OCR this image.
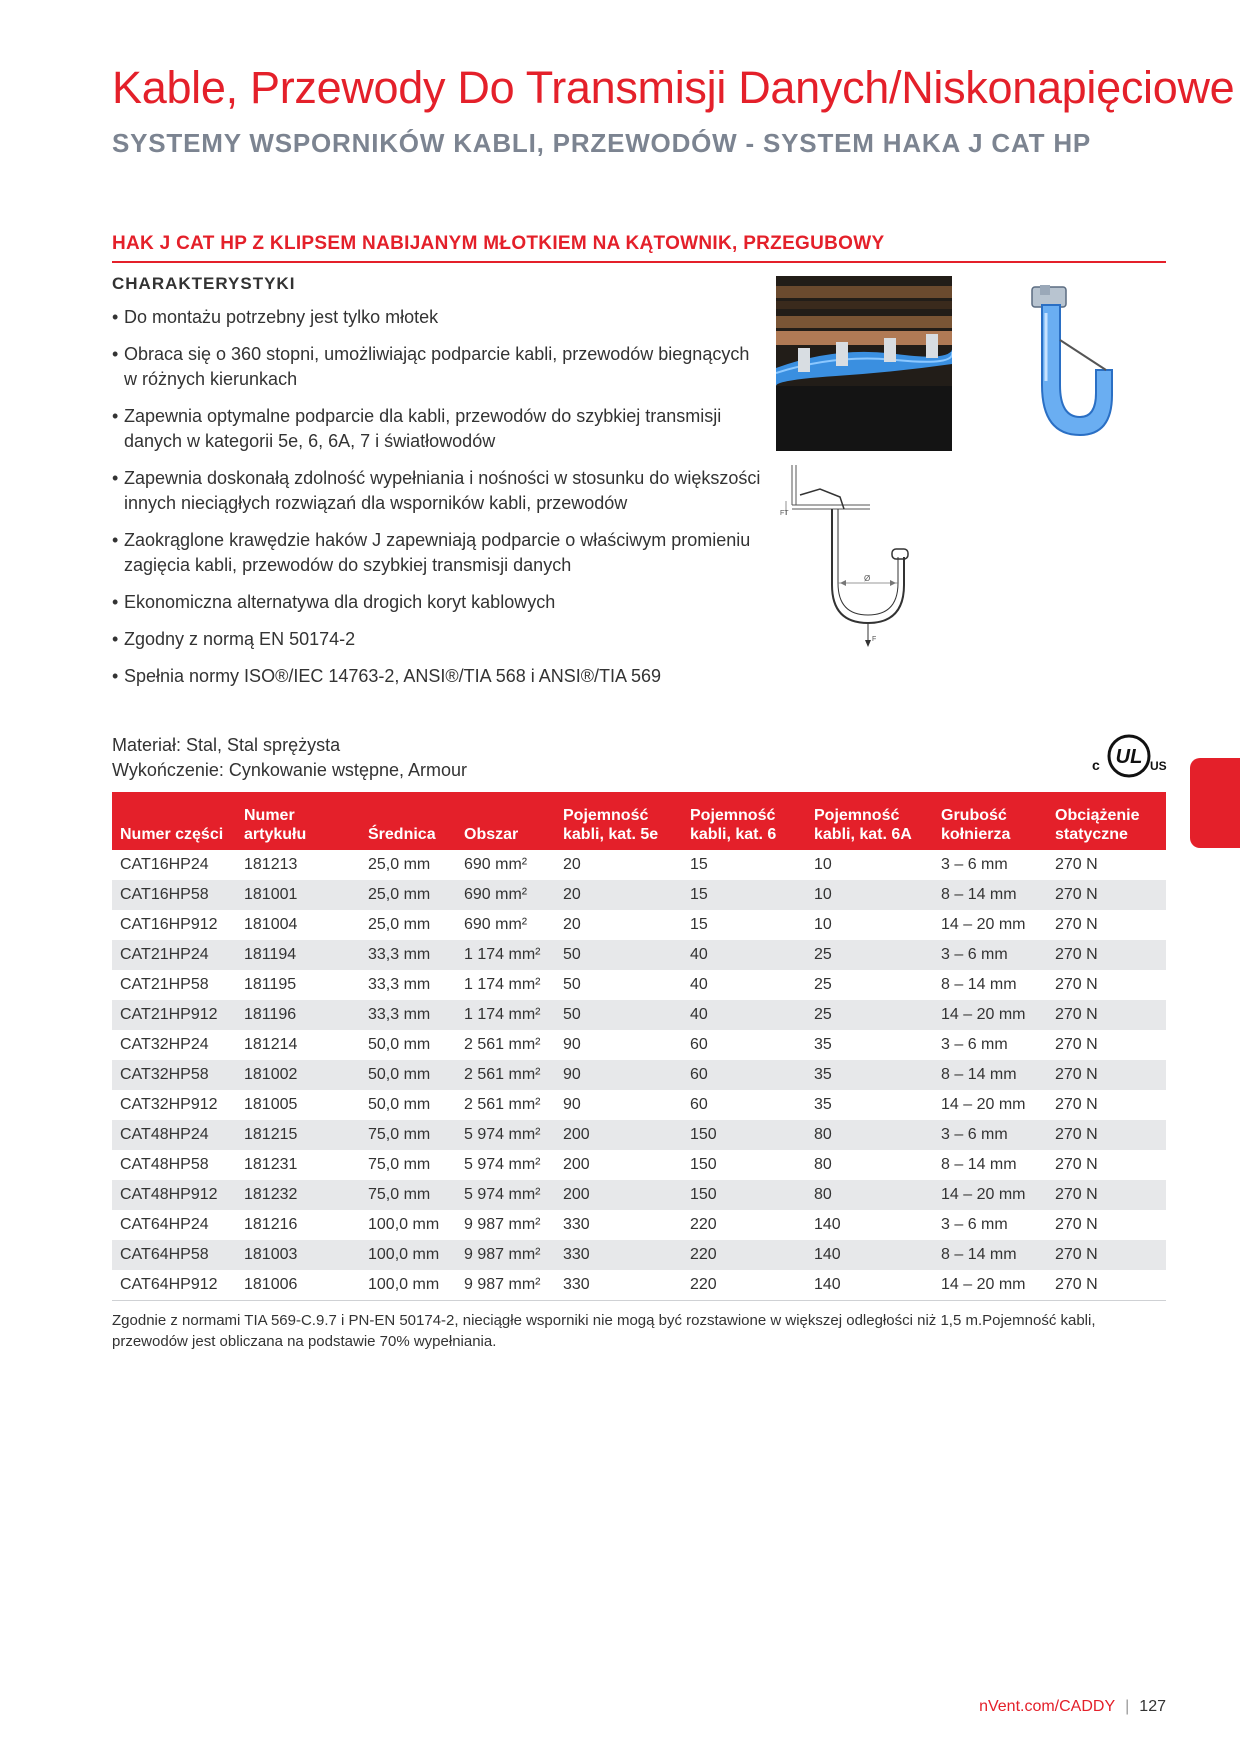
Kable, Przewody Do Transmisji Danych/Niskonapięciowe
SYSTEMY WSPORNIKÓW KABLI, PRZEWODÓW - SYSTEM HAKA J CAT HP
HAK J CAT HP Z KLIPSEM NABIJANYM MŁOTKIEM NA KĄTOWNIK, PRZEGUBOWY
CHARAKTERYSTYKI
• Do montażu potrzebny jest tylko młotek
• Obraca się o 360 stopni, umożliwiając podparcie kabli, przewodów biegnących w różnych kierunkach
• Zapewnia optymalne podparcie dla kabli, przewodów do szybkiej transmisji danych w kategorii 5e, 6, 6A, 7 i światłowodów
• Zapewnia doskonałą zdolność wypełniania i nośności w stosunku do większości innych nieciągłych rozwiązań dla wsporników kabli, przewodów
• Zaokrąglone krawędzie haków J zapewniają podparcie o właściwym promieniu zagięcia kabli, przewodów do szybkiej transmisji danych
• Ekonomiczna alternatywa dla drogich koryt kablowych
• Zgodny z normą EN 50174-2
• Spełnia normy ISO®/IEC 14763-2, ANSI®/TIA 568 i ANSI®/TIA 569
Ø
FT
F
Materiał: Stal, Stal sprężysta
Wykończenie: Cynkowanie wstępne, Armour
UL
c	US
Numer części	Numer artykułu	Średnica	Obszar	Pojemność kabli, kat. 5e	Pojemność kabli, kat. 6	Pojemność kabli, kat. 6A	Grubość kołnierza	Obciążenie statyczne
CAT16HP24	181213	25,0 mm	690 mm²	20	15	10	3 – 6 mm	270 N
CAT16HP58	181001	25,0 mm	690 mm²	20	15	10	8 – 14 mm	270 N
CAT16HP912	181004	25,0 mm	690 mm²	20	15	10	14 – 20 mm	270 N
CAT21HP24	181194	33,3 mm	1 174 mm²	50	40	25	3 – 6 mm	270 N
CAT21HP58	181195	33,3 mm	1 174 mm²	50	40	25	8 – 14 mm	270 N
CAT21HP912	181196	33,3 mm	1 174 mm²	50	40	25	14 – 20 mm	270 N
CAT32HP24	181214	50,0 mm	2 561 mm²	90	60	35	3 – 6 mm	270 N
CAT32HP58	181002	50,0 mm	2 561 mm²	90	60	35	8 – 14 mm	270 N
CAT32HP912	181005	50,0 mm	2 561 mm²	90	60	35	14 – 20 mm	270 N
CAT48HP24	181215	75,0 mm	5 974 mm²	200	150	80	3 – 6 mm	270 N
CAT48HP58	181231	75,0 mm	5 974 mm²	200	150	80	8 – 14 mm	270 N
CAT48HP912	181232	75,0 mm	5 974 mm²	200	150	80	14 – 20 mm	270 N
CAT64HP24	181216	100,0 mm	9 987 mm²	330	220	140	3 – 6 mm	270 N
CAT64HP58	181003	100,0 mm	9 987 mm²	330	220	140	8 – 14 mm	270 N
CAT64HP912	181006	100,0 mm	9 987 mm²	330	220	140	14 – 20 mm	270 N
Zgodnie z normami TIA 569-C.9.7 i PN-EN 50174-2, nieciągłe wsporniki nie mogą być rozstawione w większej odległości niż 1,5 m.Pojemność kabli, przewodów jest obliczana na podstawie 70% wypełniania.
nVent.com/CADDY | 127
